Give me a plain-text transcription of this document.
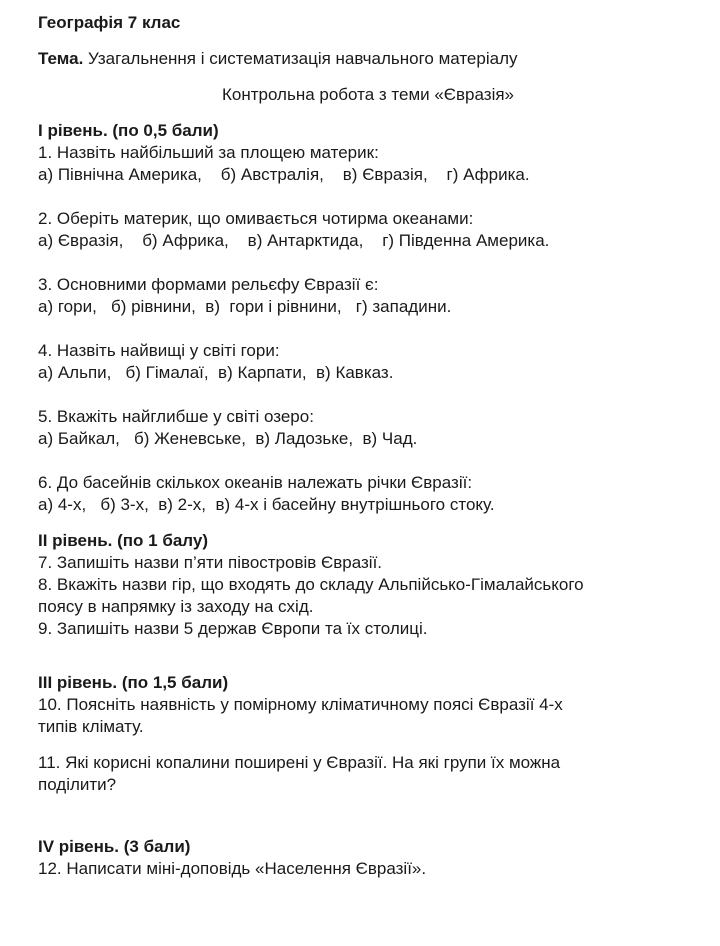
Географія 7 клас

Тема. Узагальнення і систематизація навчального матеріалу

Контрольна робота з теми «Євразія»

І рівень. (по 0,5 бали)

1. Назвіть найбільший за площею материк:

а) Північна Америка,    б) Австралія,    в) Євразія,    г) Африка.

2. Оберіть материк, що омивається чотирма океанами:

а) Євразія,    б) Африка,    в) Антарктида,    г) Південна Америка.

3. Основними формами рельєфу Євразії є:

а) гори,   б) рівнини,  в)  гори і рівнини,   г) западини.

4. Назвіть найвищі у світі гори:

а) Альпи,   б) Гімалаї,  в) Карпати,  в) Кавказ.

5. Вкажіть найглибше у світі озеро:

а) Байкал,   б) Женевське,  в) Ладозьке,  в) Чад.

6. До басейнів скількох океанів належать річки Євразії:

а) 4-х,   б) 3-х,  в) 2-х,  в) 4-х і басейну внутрішнього стоку.

ІІ рівень. (по 1 балу)

7. Запишіть назви п’яти півостровів Євразії.

8. Вкажіть назви гір, що входять до складу Альпійсько-Гімалайського

поясу в напрямку із заходу на схід.

9. Запишіть назви 5 держав Європи та їх столиці.

ІІІ рівень. (по 1,5 бали)

10. Поясніть наявність у помірному кліматичному поясі Євразії 4-х

типів клімату.

11. Які корисні копалини поширені у Євразії. На які групи їх можна

поділити?

IV рівень. (3 бали)

12. Написати міні-доповідь «Населення Євразії».
